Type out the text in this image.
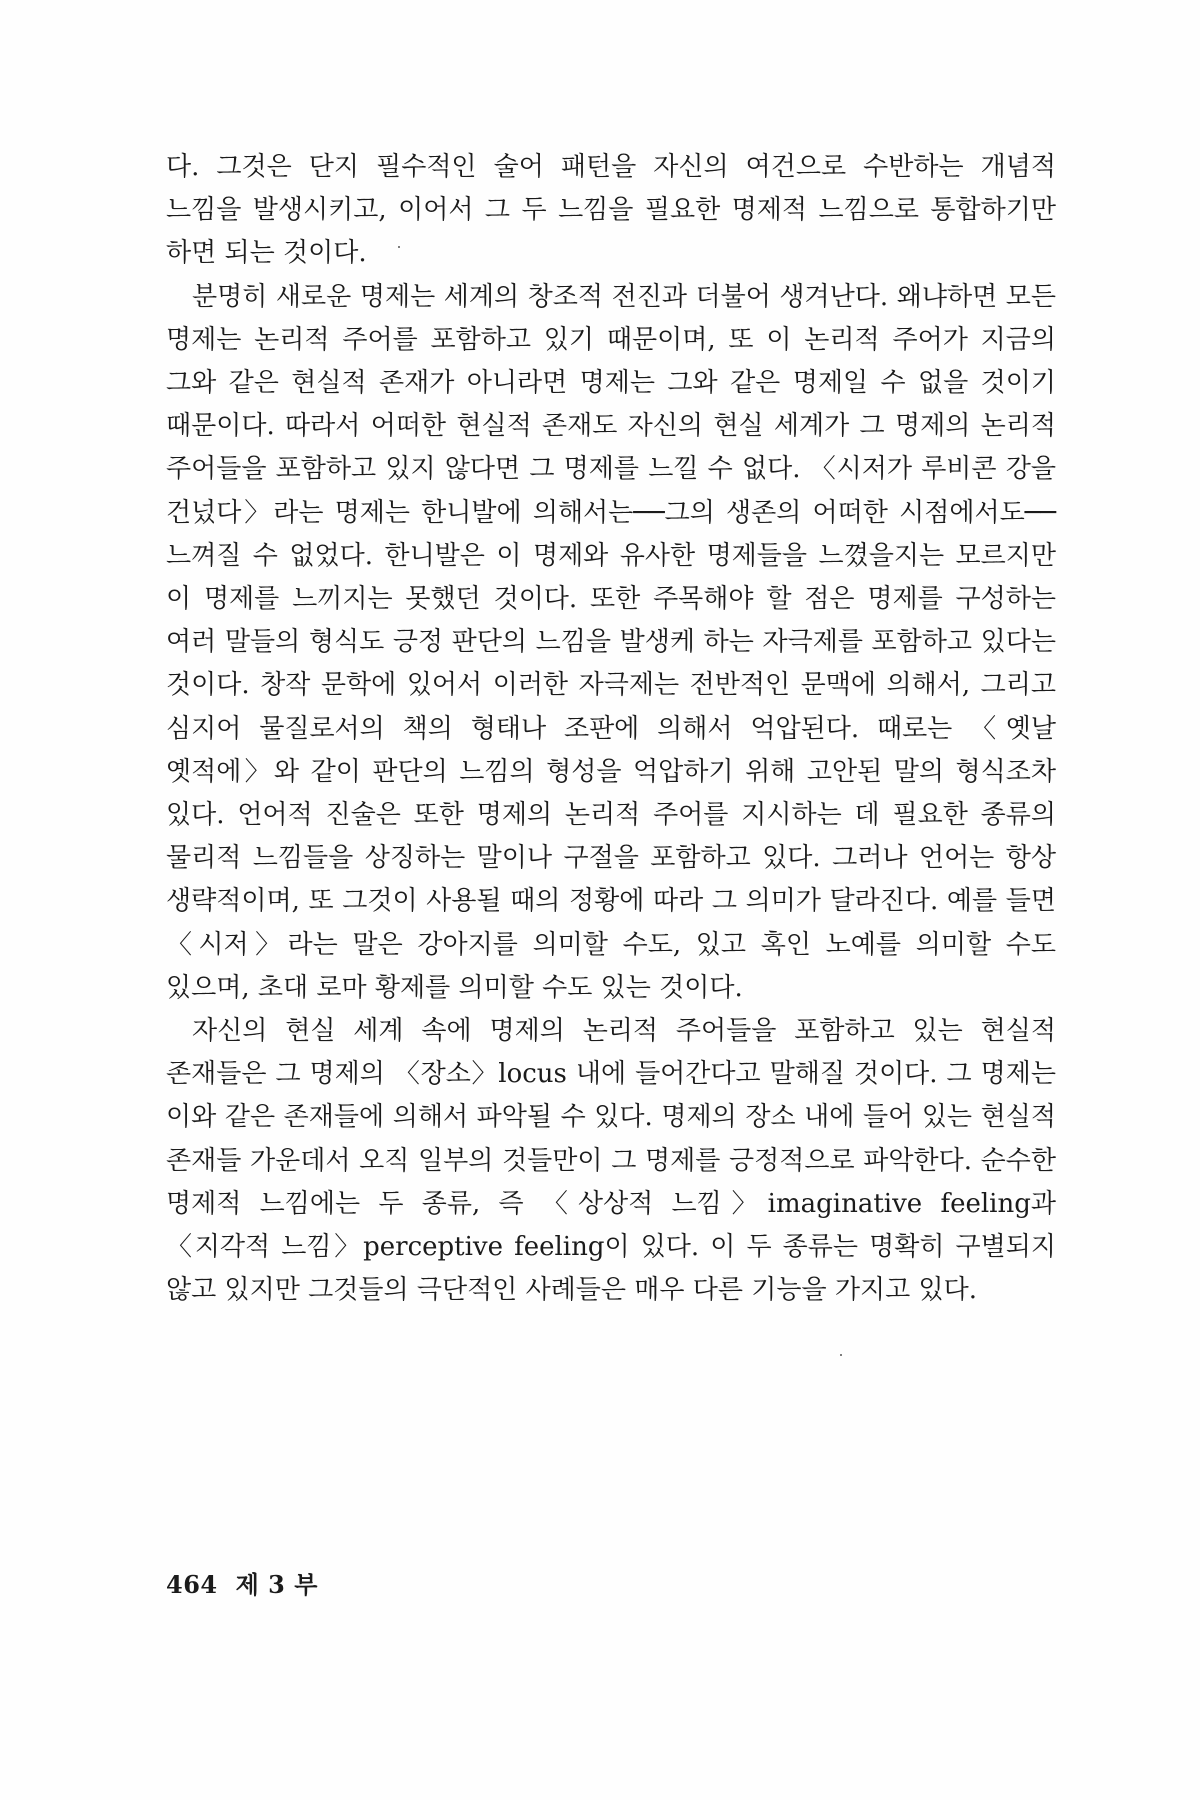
다. 그것은 단지 필수적인 술어 패턴을 자신의 여건으로 수반하는 개념적 느낌을 발생시키고, 이어서 그 두 느낌을 필요한 명제적 느낌으로 통합하기만 하면 되는 것이다.

분명히 새로운 명제는 세계의 창조적 전진과 더불어 생겨난다. 왜냐하면 모든 명제는 논리적 주어를 포함하고 있기 때문이며, 또 이 논리적 주어가 지금의 그와 같은 현실적 존재가 아니라면 명제는 그와 같은 명제일 수 없을 것이기 때문이다. 따라서 어떠한 현실적 존재도 자신의 현실 세계가 그 명제의 논리적 주어들을 포함하고 있지 않다면 그 명제를 느낄 수 없다. 〈시저가 루비콘 강을 건넜다〉라는 명제는 한니발에 의해서는──그의 생존의 어떠한 시점에서도──느껴질 수 없었다. 한니발은 이 명제와 유사한 명제들을 느꼈을지는 모르지만 이 명제를 느끼지는 못했던 것이다. 또한 주목해야 할 점은 명제를 구성하는 여러 말들의 형식도 긍정 판단의 느낌을 발생케 하는 자극제를 포함하고 있다는 것이다. 창작 문학에 있어서 이러한 자극제는 전반적인 문맥에 의해서, 그리고 심지어 물질로서의 책의 형태나 조판에 의해서 억압된다. 때로는 〈옛날 옛적에〉와 같이 판단의 느낌의 형성을 억압하기 위해 고안된 말의 형식조차 있다. 언어적 진술은 또한 명제의 논리적 주어를 지시하는 데 필요한 종류의 물리적 느낌들을 상징하는 말이나 구절을 포함하고 있다. 그러나 언어는 항상 생략적이며, 또 그것이 사용될 때의 정황에 따라 그 의미가 달라진다. 예를 들면 〈시저〉라는 말은 강아지를 의미할 수도, 있고 혹인 노예를 의미할 수도 있으며, 초대 로마 황제를 의미할 수도 있는 것이다.

자신의 현실 세계 속에 명제의 논리적 주어들을 포함하고 있는 현실적 존재들은 그 명제의 〈장소〉locus 내에 들어간다고 말해질 것이다. 그 명제는 이와 같은 존재들에 의해서 파악될 수 있다. 명제의 장소 내에 들어 있는 현실적 존재들 가운데서 오직 일부의 것들만이 그 명제를 긍정적으로 파악한다. 순수한 명제적 느낌에는 두 종류, 즉 〈상상적 느낌〉imaginative feeling과 〈지각적 느낌〉perceptive feeling이 있다. 이 두 종류는 명확히 구별되지 않고 있지만 그것들의 극단적인 사례들은 매우 다른 기능을 가지고 있다.

464 제 3 부
